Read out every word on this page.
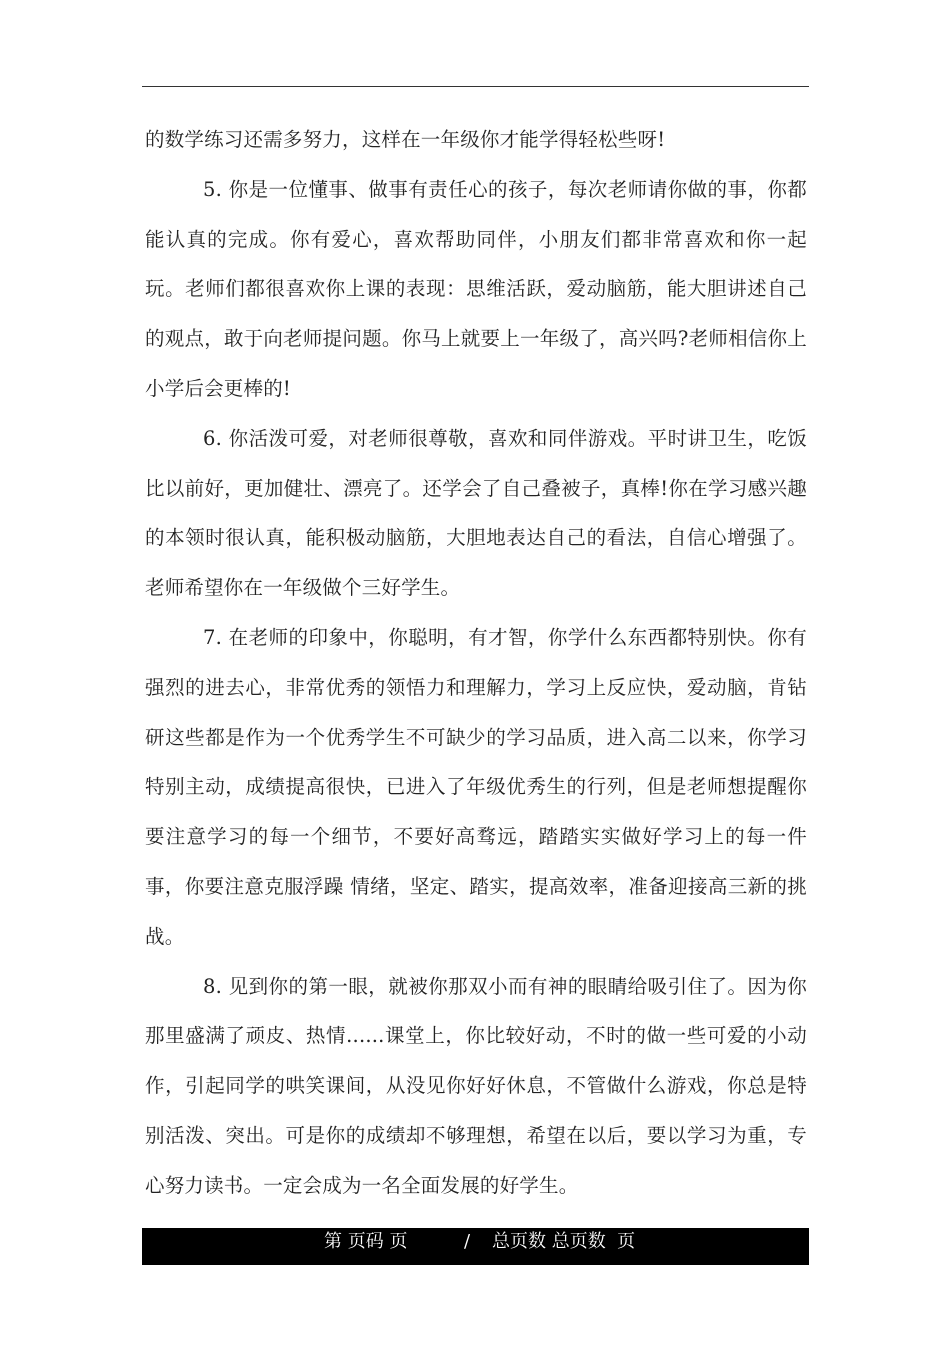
的数学练习还需多努力，这样在一年级你才能学得轻松些呀!

5. 你是一位懂事、做事有责任心的孩子，每次老师请你做的事，你都能认真的完成。你有爱心，喜欢帮助同伴，小朋友们都非常喜欢和你一起玩。老师们都很喜欢你上课的表现：思维活跃，爱动脑筋，能大胆讲述自己的观点，敢于向老师提问题。你马上就要上一年级了，高兴吗?老师相信你上小学后会更棒的!

6. 你活泼可爱，对老师很尊敬，喜欢和同伴游戏。平时讲卫生，吃饭比以前好，更加健壮、漂亮了。还学会了自己叠被子，真棒!你在学习感兴趣的本领时很认真，能积极动脑筋，大胆地表达自己的看法，自信心增强了。老师希望你在一年级做个三好学生。

7. 在老师的印象中，你聪明，有才智，你学什么东西都特别快。你有强烈的进去心，非常优秀的领悟力和理解力，学习上反应快，爱动脑，肯钻研这些都是作为一个优秀学生不可缺少的学习品质，进入高二以来，你学习特别主动，成绩提高很快，已进入了年级优秀生的行列，但是老师想提醒你要注意学习的每一个细节，不要好高骛远，踏踏实实做好学习上的每一件事，你要注意克服浮躁 情绪，坚定、踏实，提高效率，准备迎接高三新的挑战。

8. 见到你的第一眼，就被你那双小而有神的眼睛给吸引住了。因为你那里盛满了顽皮、热情......课堂上，你比较好动，不时的做一些可爱的小动作，引起同学的哄笑课间，从没见你好好休息，不管做什么游戏，你总是特别活泼、突出。可是你的成绩却不够理想，希望在以后，要以学习为重，专心努力读书。一定会成为一名全面发展的好学生。

第 页码 页

	/

总页数 总页数  页
